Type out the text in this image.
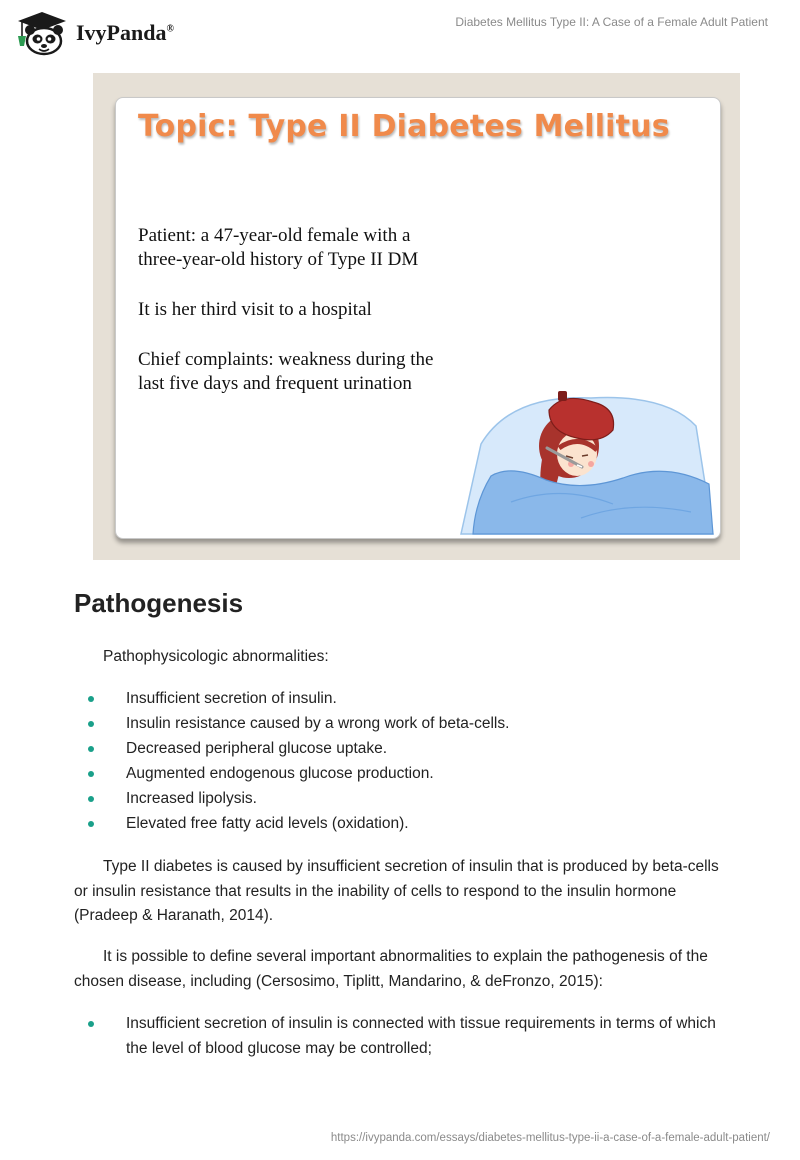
IvyPanda®
Diabetes Mellitus Type II: A Case of a Female Adult Patient
Topic: Type II Diabetes Mellitus

Patient: a 47-year-old female with a
three-year-old history of Type II DM

It is her third visit to a hospital

Chief complaints: weakness during the
last five days and frequent urination

Pathogenesis

Pathophysicologic abnormalities:

Insufficient secretion of insulin.
Insulin resistance caused by a wrong work of beta-cells.
Decreased peripheral glucose uptake.
Augmented endogenous glucose production.
Increased lipolysis.
Elevated free fatty acid levels (oxidation).

Type II diabetes is caused by insufficient secretion of insulin that is produced by beta-cells or insulin resistance that results in the inability of cells to respond to the insulin hormone (Pradeep & Haranath, 2014).

It is possible to define several important abnormalities to explain the pathogenesis of the chosen disease, including (Cersosimo, Tiplitt, Mandarino, & deFronzo, 2015):

Insufficient secretion of insulin is connected with tissue requirements in terms of which the level of blood glucose may be controlled;
https://ivypanda.com/essays/diabetes-mellitus-type-ii-a-case-of-a-female-adult-patient/
